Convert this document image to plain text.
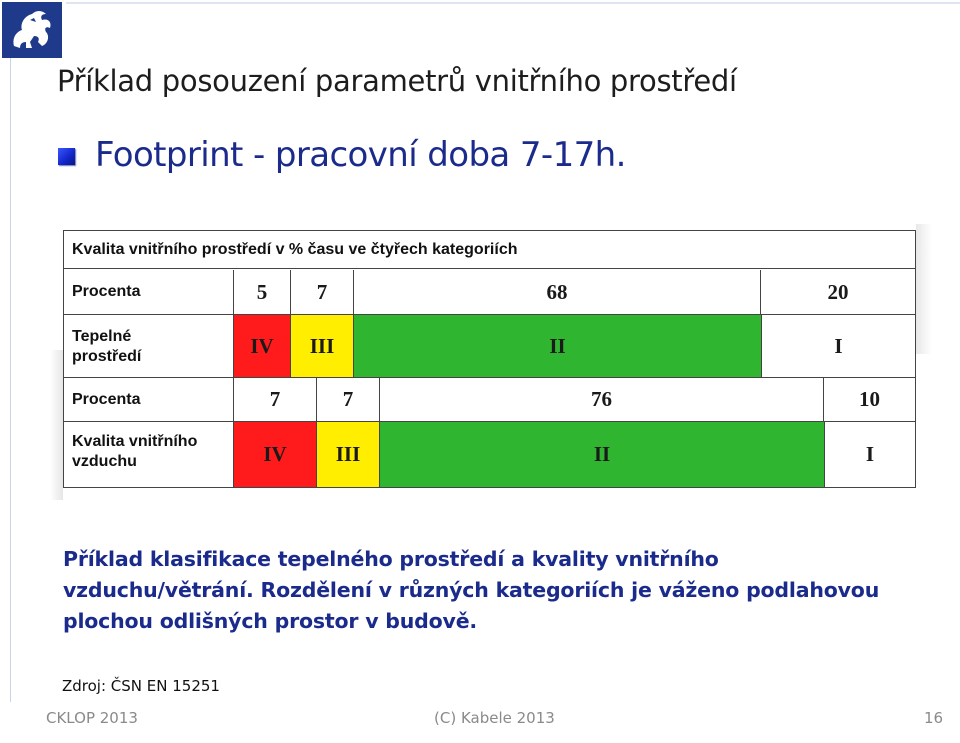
Příklad posouzení parametrů vnitřního prostředí
Footprint - pracovní doba 7-17h.
Kvalita vnitřního prostředí v % času ve čtyřech kategoriích
Procenta	5	7	68	20
Tepelné
prostředí	IV	III	II	I
Procenta	7	7	76	10
Kvalita vnitřního
vzduchu	IV	III	II	I
Příklad klasifikace tepelného prostředí a kvality vnitřního vzduchu/větrání. Rozdělení v různých kategoriích je váženo podlahovou plochou odlišných prostor v budově.
Zdroj: ČSN EN 15251
CKLOP 2013	(C) Kabele 2013	16
